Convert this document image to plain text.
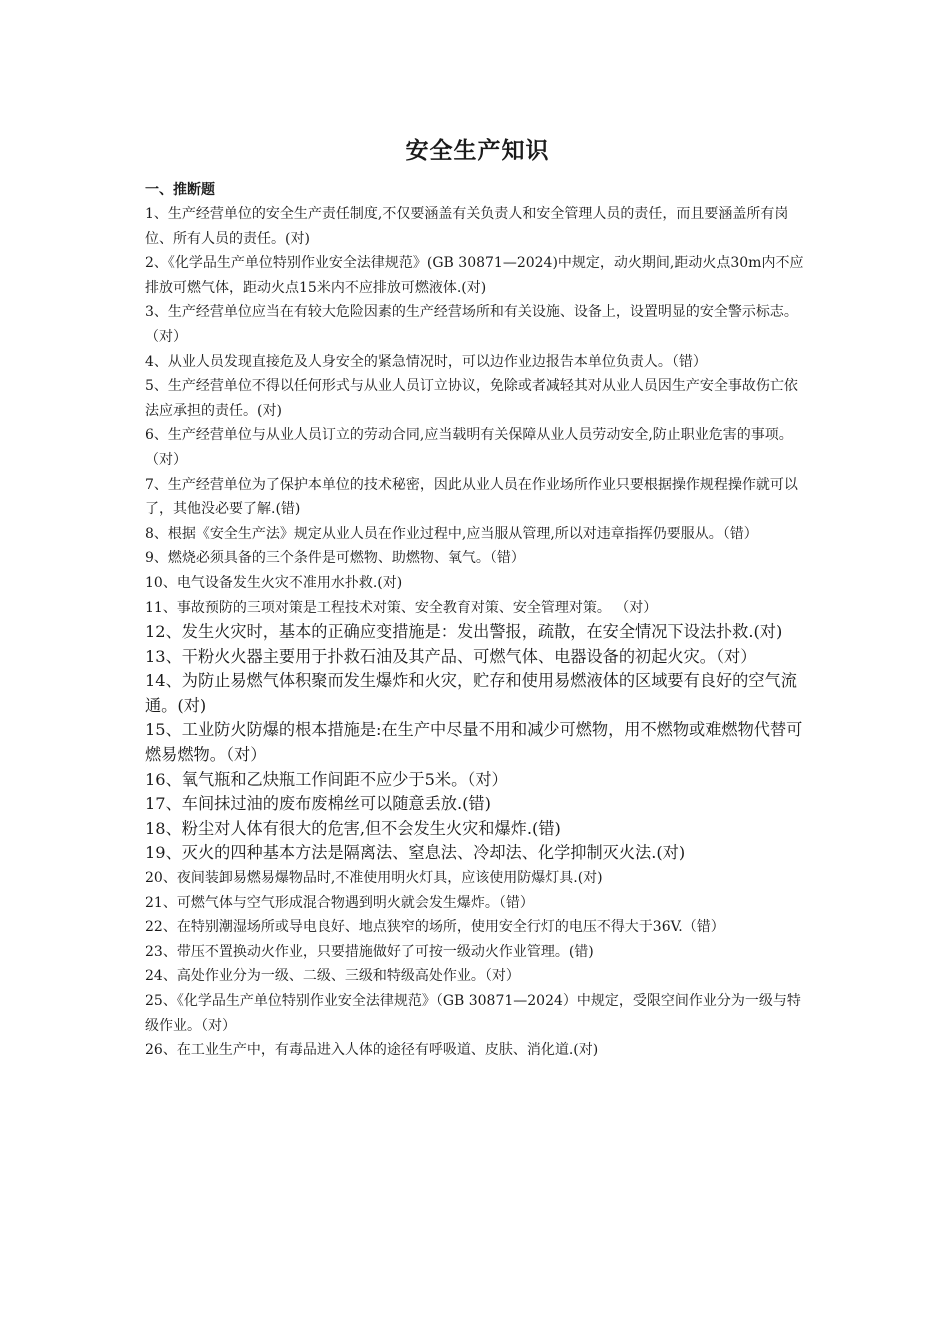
安全生产知识
一、推断题
1、生产经营单位的安全生产责任制度,不仅要涵盖有关负责人和安全管理人员的责任，而且要涵盖所有岗位、所有人员的责任。(对)
2、《化学品生产单位特别作业安全法律规范》(GB 30871—2024)中规定，动火期间,距动火点30m内不应排放可燃气体，距动火点15米内不应排放可燃液体.(对)
3、生产经营单位应当在有较大危险因素的生产经营场所和有关设施、设备上，设置明显的安全警示标志。（对）
4、从业人员发现直接危及人身安全的紧急情况时，可以边作业边报告本单位负责人。（错）
5、生产经营单位不得以任何形式与从业人员订立协议，免除或者减轻其对从业人员因生产安全事故伤亡依法应承担的责任。(对)
6、生产经营单位与从业人员订立的劳动合同,应当载明有关保障从业人员劳动安全,防止职业危害的事项。（对）
7、生产经营单位为了保护本单位的技术秘密，因此从业人员在作业场所作业只要根据操作规程操作就可以了，其他没必要了解.(错)
8、根据《安全生产法》规定从业人员在作业过程中,应当服从管理,所以对违章指挥仍要服从。（错）
9、燃烧必须具备的三个条件是可燃物、助燃物、氧气。（错）
10、电气设备发生火灾不准用水扑救.(对)
11、事故预防的三项对策是工程技术对策、安全教育对策、安全管理对策。 （对）
12、发生火灾时，基本的正确应变措施是：发出警报，疏散，在安全情况下设法扑救.(对)
13、干粉火火器主要用于扑救石油及其产品、可燃气体、电器设备的初起火灾。（对）
14、为防止易燃气体积聚而发生爆炸和火灾，贮存和使用易燃液体的区域要有良好的空气流通。(对)
15、工业防火防爆的根本措施是:在生产中尽量不用和减少可燃物，用不燃物或难燃物代替可燃易燃物。（对）
16、氧气瓶和乙炔瓶工作间距不应少于5米。（对）
17、车间抹过油的废布废棉丝可以随意丢放.(错)
18、粉尘对人体有很大的危害,但不会发生火灾和爆炸.(错)
19、灭火的四种基本方法是隔离法、窒息法、冷却法、化学抑制灭火法.(对)
20、夜间装卸易燃易爆物品时,不准使用明火灯具，应该使用防爆灯具.(对)
21、可燃气体与空气形成混合物遇到明火就会发生爆炸。（错）
22、在特别潮湿场所或导电良好、地点狭窄的场所，使用安全行灯的电压不得大于36V.（错）
23、带压不置换动火作业，只要措施做好了可按一级动火作业管理。(错)
24、高处作业分为一级、二级、三级和特级高处作业。（对）
25、《化学品生产单位特别作业安全法律规范》（GB 30871—2024）中规定，受限空间作业分为一级与特级作业。（对）
26、在工业生产中，有毒品进入人体的途径有呼吸道、皮肤、消化道.(对)
